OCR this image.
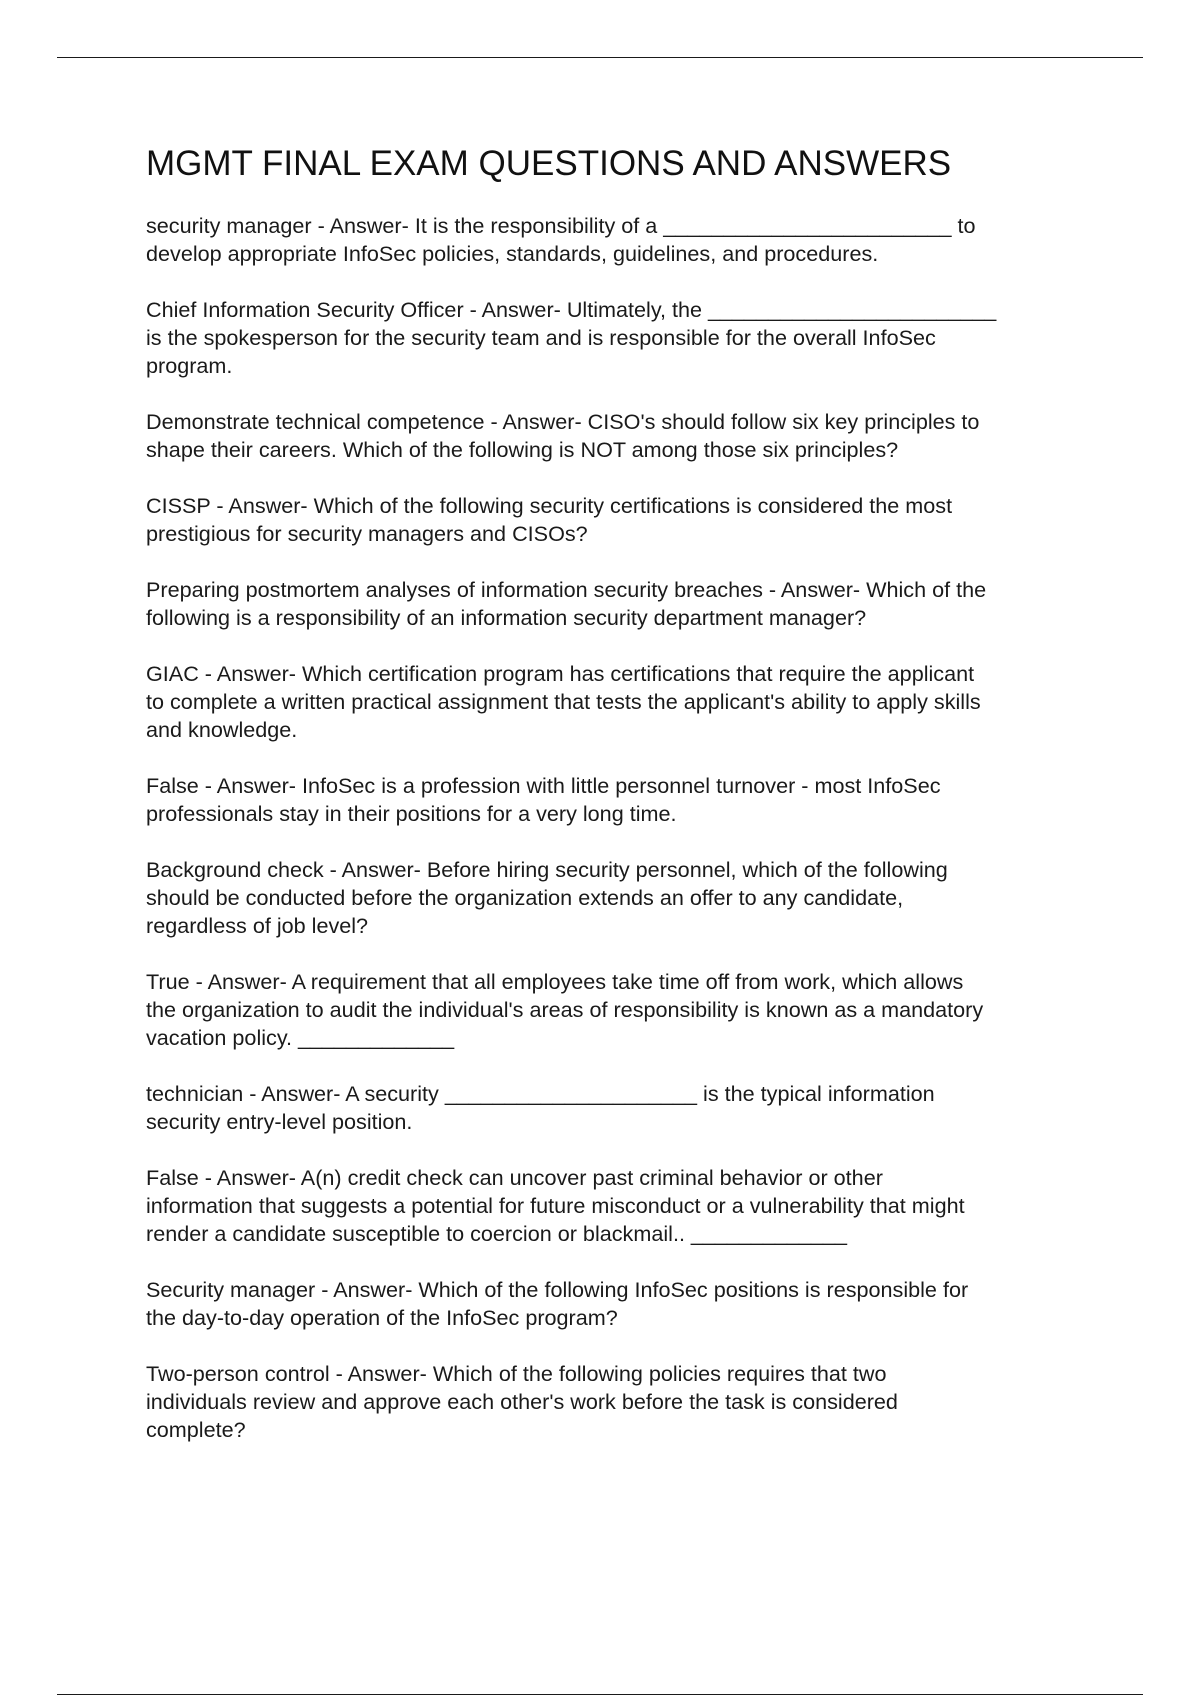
MGMT FINAL EXAM QUESTIONS AND ANSWERS
security manager - Answer- It is the responsibility of a ________________________ to
develop appropriate InfoSec policies, standards, guidelines, and procedures.
Chief Information Security Officer - Answer- Ultimately, the ________________________
is the spokesperson for the security team and is responsible for the overall InfoSec
program.
Demonstrate technical competence - Answer- CISO's should follow six key principles to
shape their careers. Which of the following is NOT among those six principles?
CISSP - Answer- Which of the following security certifications is considered the most
prestigious for security managers and CISOs?
Preparing postmortem analyses of information security breaches - Answer- Which of the
following is a responsibility of an information security department manager?
GIAC - Answer- Which certification program has certifications that require the applicant
to complete a written practical assignment that tests the applicant's ability to apply skills
and knowledge.
False - Answer- InfoSec is a profession with little personnel turnover - most InfoSec
professionals stay in their positions for a very long time.
Background check - Answer- Before hiring security personnel, which of the following
should be conducted before the organization extends an offer to any candidate,
regardless of job level?
True - Answer- A requirement that all employees take time off from work, which allows
the organization to audit the individual's areas of responsibility is known as a mandatory
vacation policy. _____________
technician - Answer- A security _____________________ is the typical information
security entry-level position.
False - Answer- A(n) credit check can uncover past criminal behavior or other
information that suggests a potential for future misconduct or a vulnerability that might
render a candidate susceptible to coercion or blackmail.. _____________
Security manager - Answer- Which of the following InfoSec positions is responsible for
the day-to-day operation of the InfoSec program?
Two-person control - Answer- Which of the following policies requires that two
individuals review and approve each other's work before the task is considered
complete?
